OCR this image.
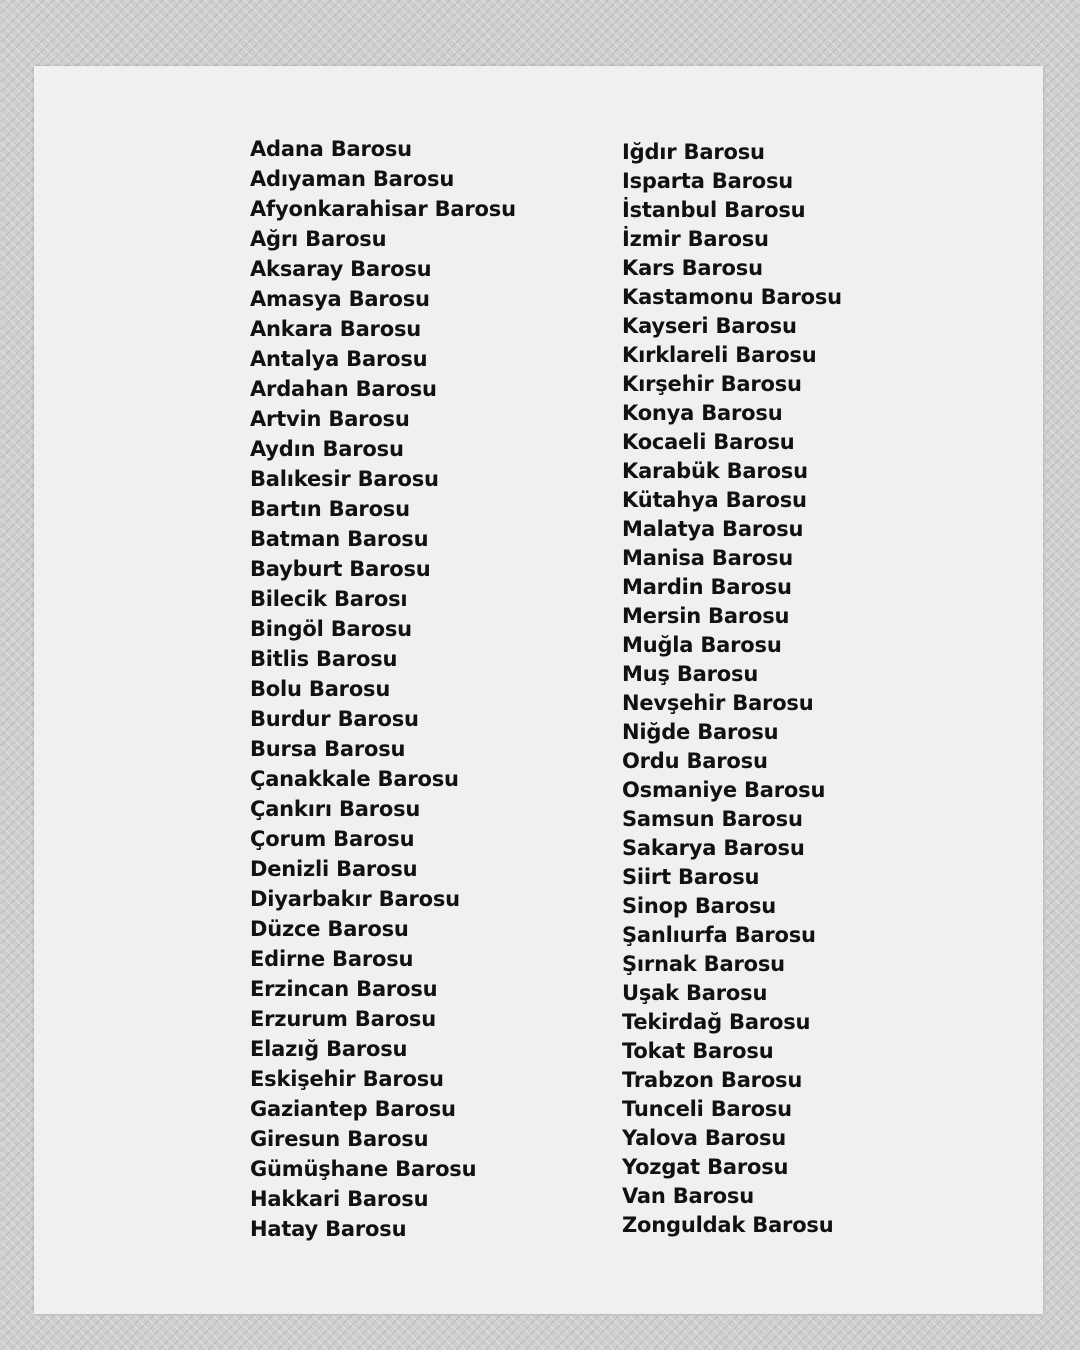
Adana Barosu
Adıyaman Barosu
Afyonkarahisar Barosu
Ağrı Barosu
Aksaray Barosu
Amasya Barosu
Ankara Barosu
Antalya Barosu
Ardahan Barosu
Artvin Barosu
Aydın Barosu
Balıkesir Barosu
Bartın Barosu
Batman Barosu
Bayburt Barosu
Bilecik Barosı
Bingöl Barosu
Bitlis Barosu
Bolu Barosu
Burdur Barosu
Bursa Barosu
Çanakkale Barosu
Çankırı Barosu
Çorum Barosu
Denizli Barosu
Diyarbakır Barosu
Düzce Barosu
Edirne Barosu
Erzincan Barosu
Erzurum Barosu
Elazığ Barosu
Eskişehir Barosu
Gaziantep Barosu
Giresun Barosu
Gümüşhane Barosu
Hakkari Barosu
Hatay Barosu
Iğdır Barosu
Isparta Barosu
İstanbul Barosu
İzmir Barosu
Kars Barosu
Kastamonu Barosu
Kayseri Barosu
Kırklareli Barosu
Kırşehir Barosu
Konya Barosu
Kocaeli Barosu
Karabük Barosu
Kütahya Barosu
Malatya Barosu
Manisa Barosu
Mardin Barosu
Mersin Barosu
Muğla Barosu
Muş Barosu
Nevşehir Barosu
Niğde Barosu
Ordu Barosu
Osmaniye Barosu
Samsun Barosu
Sakarya Barosu
Siirt Barosu
Sinop Barosu
Şanlıurfa Barosu
Şırnak Barosu
Uşak Barosu
Tekirdağ Barosu
Tokat Barosu
Trabzon Barosu
Tunceli Barosu
Yalova Barosu
Yozgat Barosu
Van Barosu
Zonguldak Barosu
